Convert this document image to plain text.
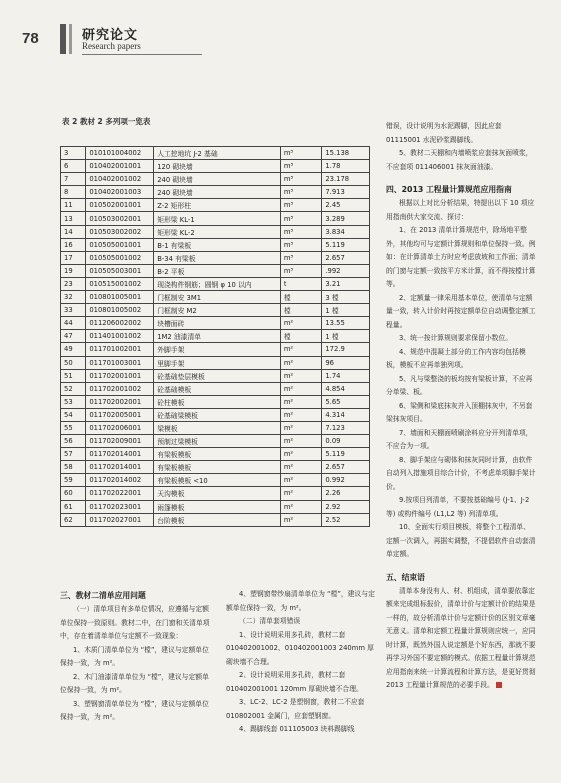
78	研究论文
Research papers
表 2 教材 2 多列项一览表
3	010101004002	人工挖地坑 J-2 基础	m³	15.138
6	010402001001	120 砌块墙	m³	1.78
7	010402001002	240 砌块墙	m³	23.178
8	010402001003	240 砌块墙	m³	7.913
11	010502001001	Z-2 矩形柱	m³	2.45
13	010503002001	矩形梁 KL-1	m³	3.289
14	010503002002	矩形梁 KL-2	m³	3.834
16	010505001001	B-1 有梁板	m³	5.119
17	010505001002	B-34 有梁板	m³	2.657
19	010505003001	B-2 平板	m³	.992
23	010515001002	现浇构件钢筋；圆钢 φ 10 以内	t	3.21
32	010801005001	门框制安 3M1	樘	3 樘
33	010801005002	门框制安 M2	樘	1 樘
44	011206002002	块槽面砖	m²	13.55
47	011401001002	1M2 油漆清单	樘	1 樘
49	011701002001	外脚手架	m²	172.9
50	011701003001	里脚手架	m²	96
51	011702001001	砼基础垫层模板	m²	1.74
52	011702001002	砼基础模板	m²	4.854
53	011702002001	砼柱模板	m²	5.65
54	011702005001	砼基础梁模板	m²	4.314
55	011702006001	梁模板	m²	7.123
56	011702009001	预制过梁模板	m²	0.09
57	011702014001	有梁板模板	m²	5.119
58	011702014001	有梁板模板	m²	2.657
59	011702014002	有梁板模板 <10	m²	0.992
60	011702022001	天沟模板	m²	2.26
61	011702023001	雨篷模板	m²	2.92
62	011702027001	台阶模板	m²	2.52

错误，设计说明为水泥踢脚，因此应套 01115001 水泥砂浆踢脚线。

5、教材二天棚和内墙喷浆应套抹灰面喷浆，不应套项 011406001 抹灰面油漆。

四、2013 工程量计算规范应用指南

根据以上对比分析结果，特提出以下 10 项应用指南供大家交流、探讨：

1、在 2013 清单计算规范中，除场地平整外，其他均可与定额计算规则和单位保持一致。例如：在计算清单土方时应考虑放坡和工作面；清单的门窗与定额一致按平方米计算，而不得按樘计算等。

2、定额量一律采用基本单位，使清单与定额量一致，转入计价时再按定额单位自动调整定额工程量。

3、统一按计算规则要求保留小数位。

4、规范中混凝土部分的工作内容均包括模板，模板不应再单独列项。

5、凡与梁整浇的板均按有梁板计算，不应再分单梁、板。

6、梁侧和梁底抹灰并入顶棚抹灰中，不另套梁抹灰项目。

7、墙面和天棚面喷刷涂料应分开列清单项，不应合为一项。

8、脚手架应与砌体和抹灰同时计算，由软件自动列入措施项目综合计价，不考虑单项脚手架计价。

9.按项目列清单，不要按基础编号 (J-1、J-2 等) 或构件编号 (L1,L2 等) 列清单项。

10、全面实行项目模板，将整个工程清单、定额一次调入，再据实调整，不提倡软件自动套清单定额。

五、结束语

清单本身没有人、材、机组成，清单要依靠定额来完成组标报价，清单计价与定额计价的结果是一样的，故分析清单计价与定额计价的区别文章毫无意义。清单和定额工程量计算规则应统一，应同时计算，既然外国人说定额是个好东西，那就不要再学习外国不要定额的模式。依据工程量计算规范应用指南来统一计算流程和计算方法，是更好贯彻 2013 工程量计算规范的必要手段。

三、教材二清单应用问题

（一）清单项目有多单位情况，应遵循与定额单位保持一致原则。教材二中，在门窗和关清单项中，存在着清单单位与定额不一致现象：

1、木质门清单单位为 “樘”，建议与定额单位保持一致，为 m²。

2、木门油漆清单单位为 “樘”，建议与定额单位保持一致，为 m²。

3、塑钢窗清单单位为 “樘”，建议与定额单位保持一致，为 m²。

4、塑钢窗带纱扇清单单位为 “樘”，建议与定额单位保持一致，为 m²。

（二）清单套项错误

1、设计说明采用多孔砖，教材二套 010402001002、010402001003 240mm 厚砌块墙不合理。

2、设计说明采用多孔砖，教材二套 010402001001 120mm 厚砌块墙不合理。

3、LC-2、LC-2 是塑钢窗，教材二不应套 010802001 金属门，应套塑钢窗。

4、踢脚线套 011105003 块料踢脚线
